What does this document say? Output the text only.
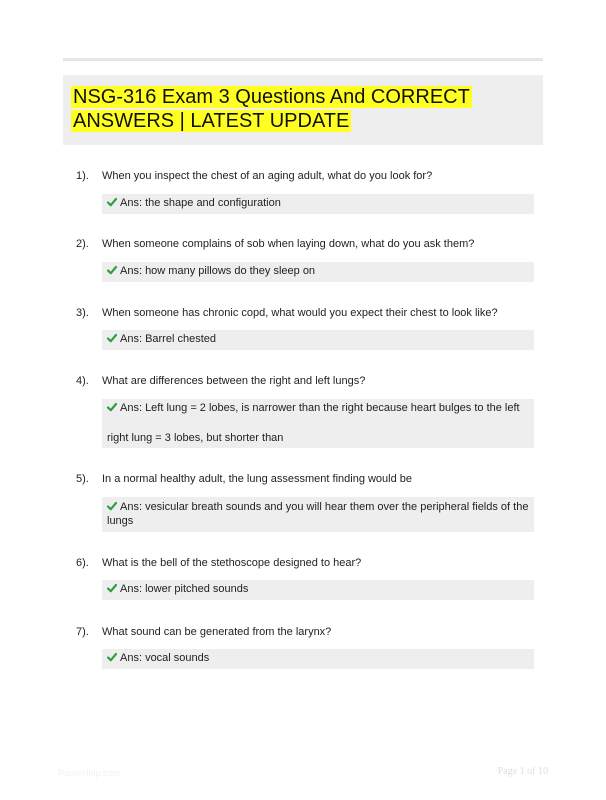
NSG-316 Exam 3 Questions And CORRECT ANSWERS | LATEST UPDATE
1). When you inspect the chest of an aging adult, what do you look for?
Ans: the shape and configuration
2). When someone complains of sob when laying down, what do you ask them?
Ans: how many pillows do they sleep on
3). When someone has chronic copd, what would you expect their chest to look like?
Ans: Barrel chested
4). What are differences between the right and left lungs?
Ans: Left lung = 2 lobes, is narrower than the right because heart bulges to the left
right lung = 3 lobes, but shorter than
5). In a normal healthy adult, the lung assessment finding would be
Ans: vesicular breath sounds and you will hear them over the peripheral fields of the lungs
6). What is the bell of the stethoscope designed to hear?
Ans: lower pitched sounds
7). What sound can be generated from the larynx?
Ans: vocal sounds
PaperHelp.com	Page 1 of 10
